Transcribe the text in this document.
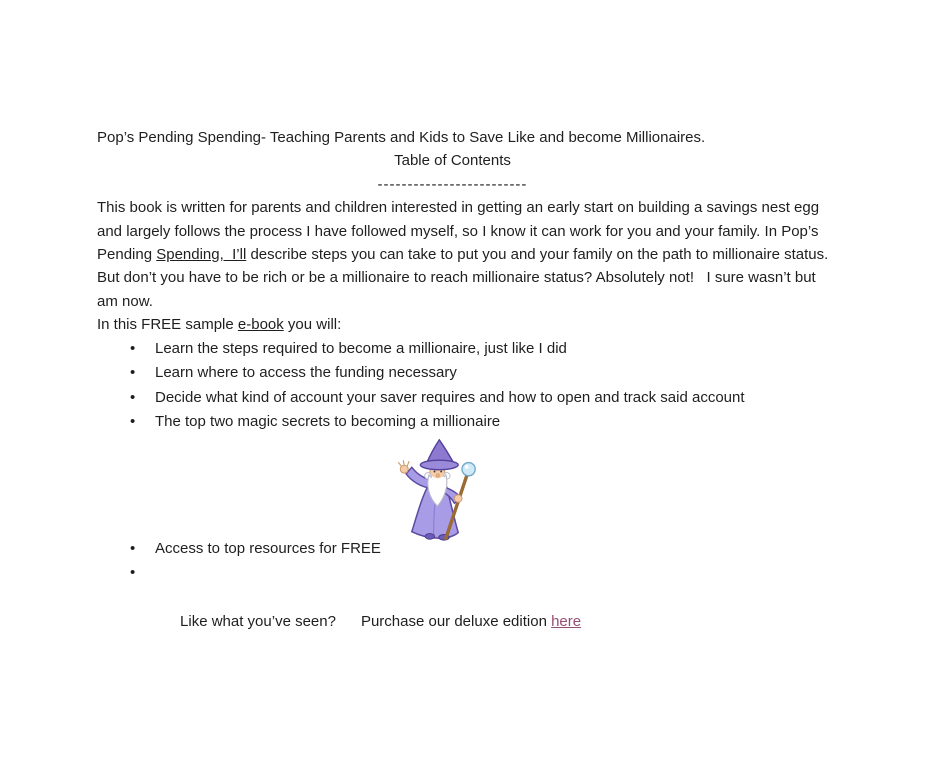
Pop’s Pending Spending- Teaching Parents and Kids to Save Like and become Millionaires.

Table of Contents

-------------------------

This book is written for parents and children interested in getting an early start on building a savings nest egg and largely follows the process I have followed myself, so I know it can work for you and your family. In Pop’s Pending Spending,  I’ll describe steps you can take to put you and your family on the path to millionaire status.  But don’t you have to be rich or be a millionaire to reach millionaire status? Absolutely not!   I sure wasn’t but am now.

In this FREE sample e-book you will:

• Learn the steps required to become a millionaire, just like I did
• Learn where to access the funding necessary
• Decide what kind of account your saver requires and how to open and track said account
• The top two magic secrets to becoming a millionaire
• Access to top resources for FREE

•

Like what you’ve seen?      Purchase our deluxe edition here
